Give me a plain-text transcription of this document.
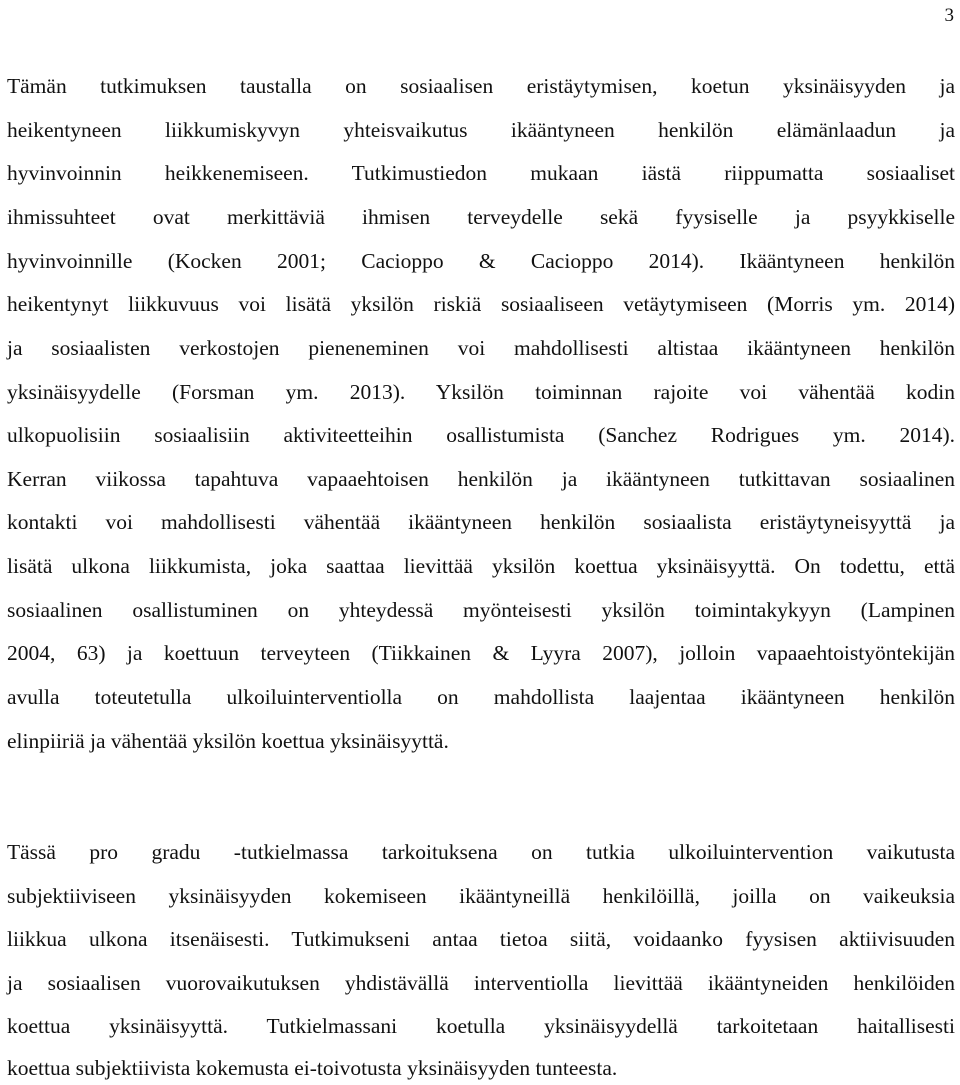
3
Tämän tutkimuksen taustalla on sosiaalisen eristäytymisen, koetun yksinäisyyden ja
heikentyneen liikkumiskyvyn yhteisvaikutus ikääntyneen henkilön elämänlaadun ja
hyvinvoinnin heikkenemiseen. Tutkimustiedon mukaan iästä riippumatta sosiaaliset
ihmissuhteet ovat merkittäviä ihmisen terveydelle sekä fyysiselle ja psyykkiselle
hyvinvoinnille (Kocken 2001; Cacioppo & Cacioppo 2014). Ikääntyneen henkilön
heikentynyt liikkuvuus voi lisätä yksilön riskiä sosiaaliseen vetäytymiseen (Morris ym. 2014)
ja sosiaalisten verkostojen pieneneminen voi mahdollisesti altistaa ikääntyneen henkilön
yksinäisyydelle (Forsman ym. 2013). Yksilön toiminnan rajoite voi vähentää kodin
ulkopuolisiin sosiaalisiin aktiviteetteihin osallistumista (Sanchez Rodrigues ym. 2014).
Kerran viikossa tapahtuva vapaaehtoisen henkilön ja ikääntyneen tutkittavan sosiaalinen
kontakti voi mahdollisesti vähentää ikääntyneen henkilön sosiaalista eristäytyneisyyttä ja
lisätä ulkona liikkumista, joka saattaa lievittää yksilön koettua yksinäisyyttä. On todettu, että
sosiaalinen osallistuminen on yhteydessä myönteisesti yksilön toimintakykyyn (Lampinen
2004, 63) ja koettuun terveyteen (Tiikkainen & Lyyra 2007), jolloin vapaaehtoistyöntekijän
avulla toteutetulla ulkoiluinterventiolla on mahdollista laajentaa ikääntyneen henkilön
elinpiiriä ja vähentää yksilön koettua yksinäisyyttä.
Tässä pro gradu -tutkielmassa tarkoituksena on tutkia ulkoiluintervention vaikutusta
subjektiiviseen yksinäisyyden kokemiseen ikääntyneillä henkilöillä, joilla on vaikeuksia
liikkua ulkona itsenäisesti. Tutkimukseni antaa tietoa siitä, voidaanko fyysisen aktiivisuuden
ja sosiaalisen vuorovaikutuksen yhdistävällä interventiolla lievittää ikääntyneiden henkilöiden
koettua yksinäisyyttä. Tutkielmassani koetulla yksinäisyydellä tarkoitetaan haitallisesti
koettua subjektiivista kokemusta ei-toivotusta yksinäisyyden tunteesta.
